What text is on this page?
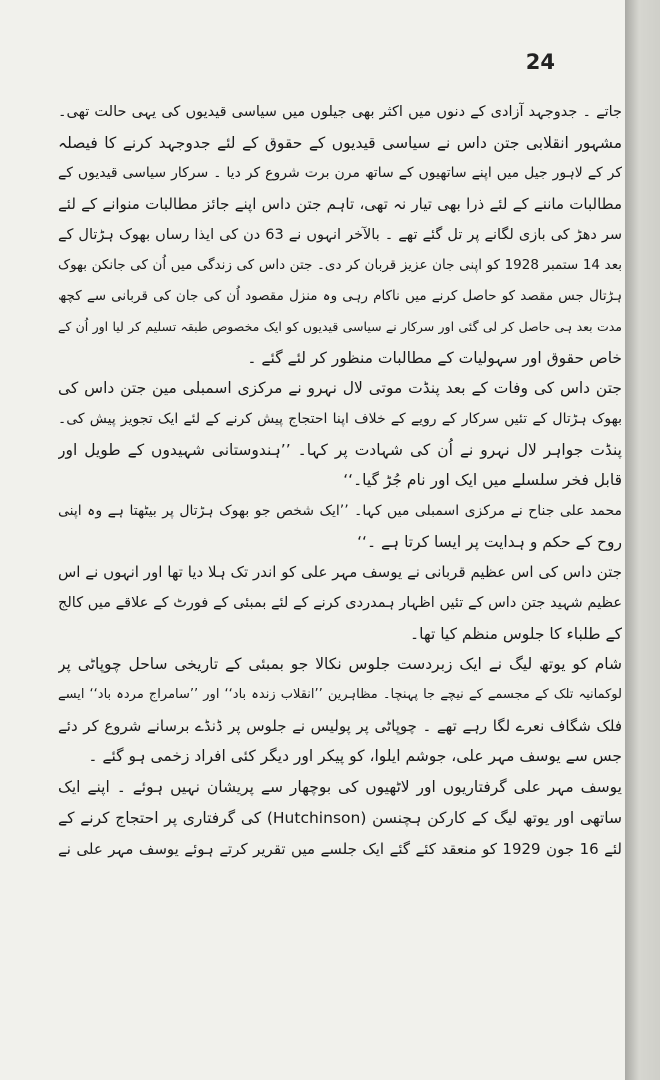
24
جاتے ۔ جدوجہد آزادی کے دنوں میں اکثر بھی جیلوں میں سیاسی قیدیوں کی یہی حالت تھی۔
مشہور انقلابی جتن داس نے سیاسی قیدیوں کے حقوق کے لئے جدوجہد کرنے کا فیصلہ
کر کے لاہور جیل میں اپنے ساتھیوں کے ساتھ مرن برت شروع کر دیا ۔ سرکار سیاسی قیدیوں کے
مطالبات ماننے کے لئے ذرا بھی تیار نہ تھی، تاہم جتن داس اپنے جائز مطالبات منوانے کے لئے
سر دھڑ کی بازی لگانے پر تل گئے تھے ۔ بالآخر انہوں نے 63 دن کی ایذا رساں بھوک ہڑتال کے
بعد 14 ستمبر 1928 کو اپنی جان عزیز قربان کر دی۔ جتن داس کی زندگی میں اُن کی جانکن بھوک
ہڑتال جس مقصد کو حاصل کرنے میں ناکام رہی وہ منزل مقصود اُن کی جان کی قربانی سے کچھ
مدت بعد ہی حاصل کر لی گئی اور سرکار نے سیاسی قیدیوں کو ایک مخصوص طبقہ تسلیم کر لیا اور اُن کے
خاص حقوق اور سہولیات کے مطالبات منظور کر لئے گئے ۔
جتن داس کی وفات کے بعد پنڈت موتی لال نہرو نے مرکزی اسمبلی مین جتن داس کی
بھوک ہڑتال کے تئیں سرکار کے رویے کے خلاف اپنا احتجاج پیش کرنے کے لئے ایک تجویز پیش کی۔
پنڈت جواہر لال نہرو نے اُن کی شہادت پر کہا۔ ’’ہندوستانی شہیدوں کے طویل اور
قابل فخر سلسلے میں ایک اور نام جُڑ گیا۔‘‘
محمد علی جناح نے مرکزی اسمبلی میں کہا۔ ’’ایک شخص جو بھوک ہڑتال پر بیٹھتا ہے وہ اپنی
روح کے حکم و ہدایت پر ایسا کرتا ہے ۔‘‘
جتن داس کی اس عظیم قربانی نے یوسف مہر علی کو اندر تک ہلا دیا تھا اور انہوں نے اس
عظیم شہید جتن داس کے تئیں اظہار ہمدردی کرنے کے لئے بمبئی کے فورٹ کے علاقے میں کالج
کے طلباء کا جلوس منظم کیا تھا۔
شام کو یوتھ لیگ نے ایک زبردست جلوس نکالا جو بمبئی کے تاریخی ساحل چوپاٹی پر
لوکمانیہ تلک کے مجسمے کے نیچے جا پہنچا۔ مظاہرین ’’انقلاب زندہ باد‘‘ اور ’’سامراج مردہ باد‘‘ ایسے
فلک شگاف نعرے لگا رہے تھے ۔ چوپاٹی پر پولیس نے جلوس پر ڈنڈے برسانے شروع کر دئے
جس سے یوسف مہر علی، جوشم ایلوا، کو پیکر اور دیگر کئی افراد زخمی ہو گئے ۔
یوسف مہر علی گرفتاریوں اور لاٹھیوں کی بوچھار سے پریشان نہیں ہوئے ۔ اپنے ایک
ساتھی اور یوتھ لیگ کے کارکن ہچنسن (Hutchinson) کی گرفتاری پر احتجاج کرنے کے
لئے 16 جون 1929 کو منعقد کئے گئے ایک جلسے میں تقریر کرتے ہوئے یوسف مہر علی نے
